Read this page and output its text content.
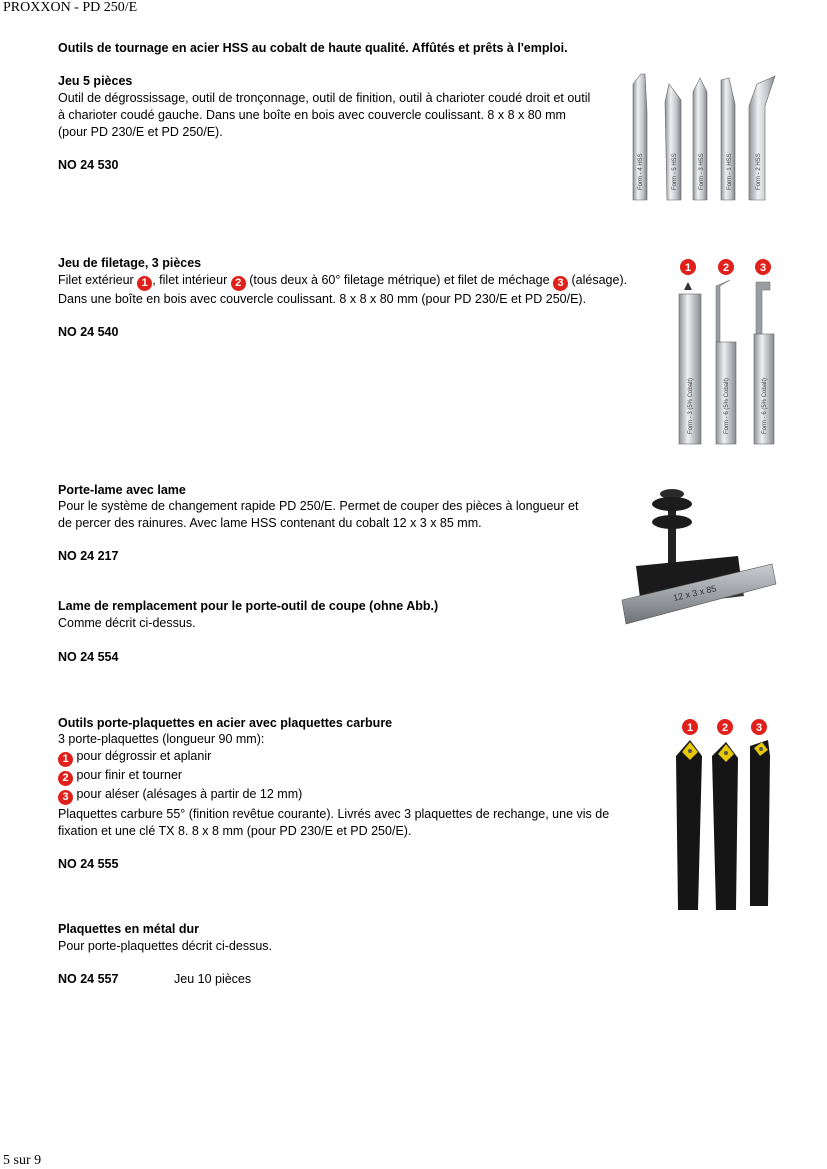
PROXXON - PD 250/E
Outils de tournage en acier HSS au cobalt de haute qualité. Affûtés et prêts à l'emploi.
Jeu 5 pièces
Outil de dégrossissage, outil de tronçonnage, outil de finition, outil à charioter coudé droit et outil
à charioter coudé gauche. Dans une boîte en bois avec couvercle coulissant. 8 x 8 x 80 mm
(pour PD 230/E et PD 250/E).
NO 24 530	Form - 4 HSS	Form - 5 HSS	Form - 3 HSS	Form - 1 HSS	Form - 2 HSS
Jeu de filetage, 3 pièces
Filet extérieur 1 , filet intérieur 2 (tous deux à 60° filetage métrique) et filet de méchage 3 (alésage).
Dans une boîte en bois avec couvercle coulissant. 8 x 8 x 80 mm (pour PD 230/E et PD 250/E).
NO 24 540
1	2	3
Form - 3 (5% Cobalt)	Form - 6 (5% Cobalt)	Form - 6 (5% Cobalt)
Porte-lame avec lame
Pour le système de changement rapide PD 250/E. Permet de couper des pièces à longueur et
de percer des rainures. Avec lame HSS contenant du cobalt 12 x 3 x 85 mm.
NO 24 217
12 x 3 x 85
Lame de remplacement pour le porte-outil de coupe (ohne Abb.)
Comme décrit ci-dessus.
NO 24 554
Outils porte-plaquettes en acier avec plaquettes carbure
3 porte-plaquettes (longueur 90 mm):
1 pour dégrossir et aplanir
2 pour finir et tourner
3 pour aléser (alésages à partir de 12 mm)
Plaquettes carbure 55° (finition revêtue courante). Livrés avec 3 plaquettes de rechange, une vis de
fixation et une clé TX 8. 8 x 8 mm (pour PD 230/E et PD 250/E).
NO 24 555
1	2	3
Plaquettes en métal dur
Pour porte-plaquettes décrit ci-dessus.
NO 24 557	Jeu 10 pièces
5 sur 9
